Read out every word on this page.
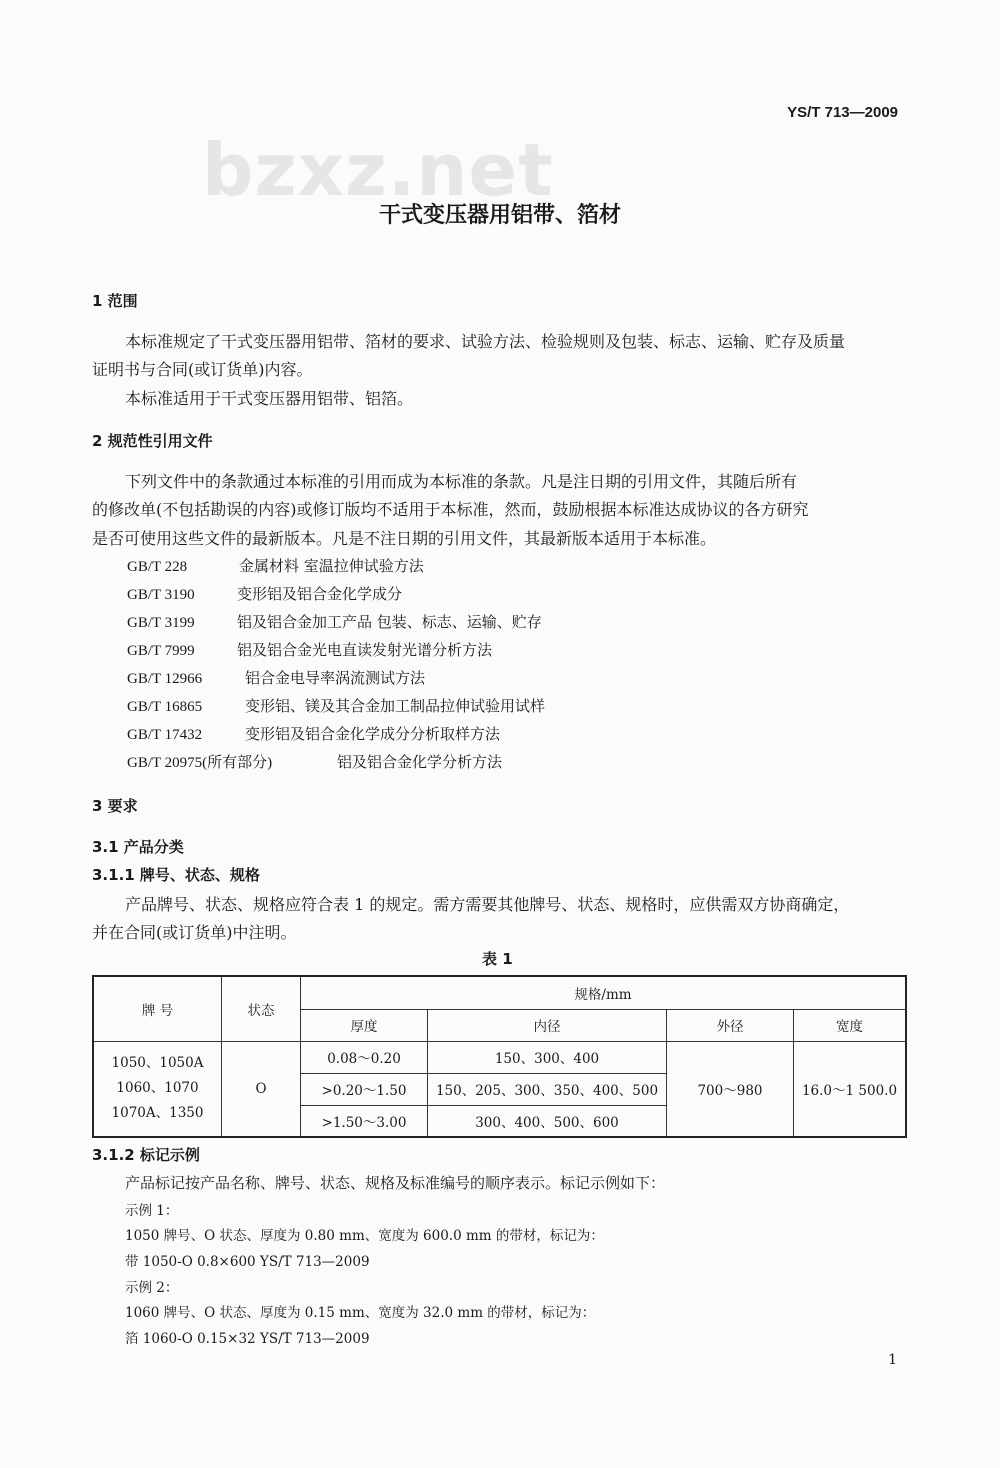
YS/T 713—2009
bzxz.net
干式变压器用铝带、箔材
1 范围
本标准规定了干式变压器用铝带、箔材的要求、试验方法、检验规则及包装、标志、运输、贮存及质量
证明书与合同(或订货单)内容。
本标准适用于干式变压器用铝带、铝箔。
2 规范性引用文件
下列文件中的条款通过本标准的引用而成为本标准的条款。凡是注日期的引用文件，其随后所有
的修改单(不包括勘误的内容)或修订版均不适用于本标准，然而，鼓励根据本标准达成协议的各方研究
是否可使用这些文件的最新版本。凡是不注日期的引用文件，其最新版本适用于本标准。
GB/T 228	金属材料 室温拉伸试验方法
GB/T 3190	变形铝及铝合金化学成分
GB/T 3199	铝及铝合金加工产品 包装、标志、运输、贮存
GB/T 7999	铝及铝合金光电直读发射光谱分析方法
GB/T 12966	铝合金电导率涡流测试方法
GB/T 16865	变形铝、镁及其合金加工制品拉伸试验用试样
GB/T 17432	变形铝及铝合金化学成分分析取样方法
GB/T 20975(所有部分)	铝及铝合金化学分析方法
3 要求
3.1 产品分类
3.1.1 牌号、状态、规格
产品牌号、状态、规格应符合表 1 的规定。需方需要其他牌号、状态、规格时，应供需双方协商确定，
并在合同(或订货单)中注明。
表 1
牌 号	状态	规格/mm			
		厚度	内径	外径	宽度

1050、1050A
1060、1070
1070A、1350	O	0.08～0.20	150、300、400	700～980	16.0～1 500.0
		>0.20～1.50	150、205、300、350、400、500		
		>1.50～3.00	300、400、500、600		
3.1.2 标记示例
产品标记按产品名称、牌号、状态、规格及标准编号的顺序表示。标记示例如下：
示例 1：
1050 牌号、O 状态、厚度为 0.80 mm、宽度为 600.0 mm 的带材，标记为：
带 1050-O 0.8×600 YS/T 713—2009
示例 2：
1060 牌号、O 状态、厚度为 0.15 mm、宽度为 32.0 mm 的带材，标记为：
箔 1060-O 0.15×32 YS/T 713—2009
1
